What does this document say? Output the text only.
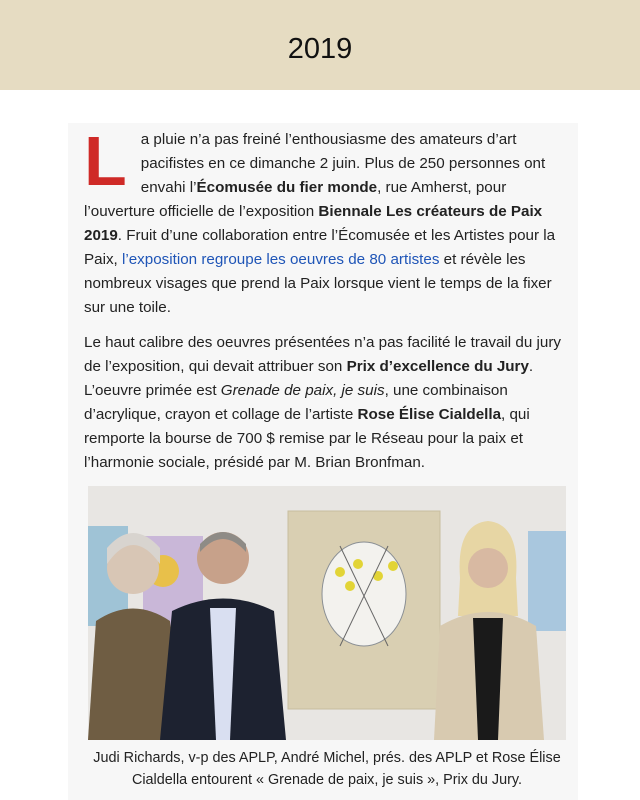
2019

La pluie n’a pas freiné l’enthousiasme des amateurs d’art pacifistes en ce dimanche 2 juin. Plus de 250 personnes ont envahi l’Écomusée du fier monde, rue Amherst, pour l’ouverture officielle de l’exposition Biennale Les créateurs de Paix 2019. Fruit d’une collaboration entre l’Écomusée et les Artistes pour la Paix, l’exposition regroupe les oeuvres de 80 artistes et révèle les nombreux visages que prend la Paix lorsque vient le temps de la fixer sur une toile.

Le haut calibre des oeuvres présentées n’a pas facilité le travail du jury de l’exposition, qui devait attribuer son Prix d’excellence du Jury. L’oeuvre primée est Grenade de paix, je suis, une combinaison d’acrylique, crayon et collage de l’artiste Rose Élise Cialdella, qui remporte la bourse de 700 $ remise par le Réseau pour la paix et l’harmonie sociale, présidé par M. Brian Bronfman.

Judi Richards, v-p des APLP, André Michel, prés. des APLP et Rose Élise Cialdella entourent « Grenade de paix, je suis », Prix du Jury.
